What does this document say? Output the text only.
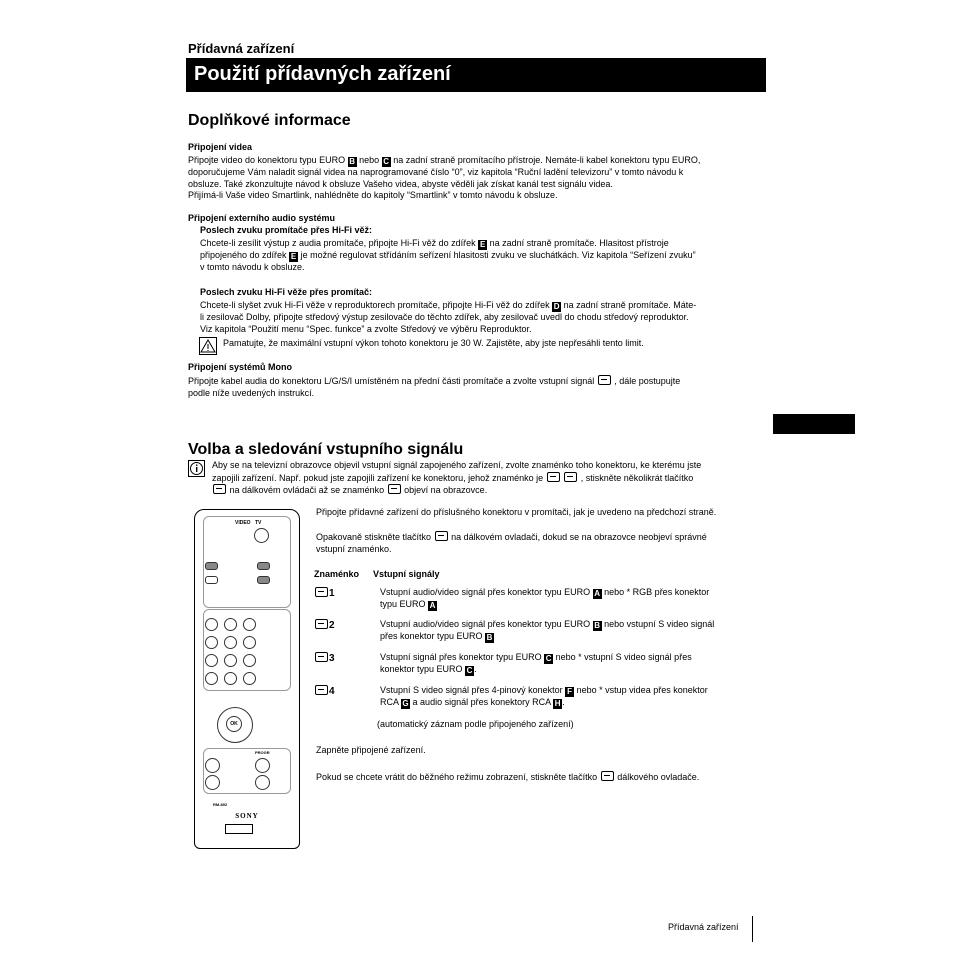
Přídavná zařízení
Použití přídavných zařízení
Doplňkové informace
Připojení videa
Připojte video do konektoru typu EURO B nebo C na zadní straně promítacího přístroje. Nemáte-li kabel konektoru typu EURO,
doporučujeme Vám naladit signál videa na naprogramované číslo “0”, viz kapitola “Ruční ladění televizoru” v tomto návodu k
obsluze. Také zkonzultujte návod k obsluze Vašeho videa, abyste věděli jak získat kanál test signálu videa.
Přijímá-li Vaše video Smartlink, nahlédněte do kapitoly “Smartlink” v tomto návodu k obsluze.
Připojení externího audio systému
Poslech zvuku promítače přes Hi-Fi věž:
Chcete-li zesílit výstup z audia promítače, připojte Hi-Fi věž do zdířek E na zadní straně promítače. Hlasitost přístroje
připojeného do zdířek E je možné regulovat střídáním seřízení hlasitosti zvuku ve sluchátkách. Viz kapitola “Seřízení zvuku”
v tomto návodu k obsluze.
Poslech zvuku Hi-Fi věže přes promítač:
Chcete-li slyšet zvuk Hi-Fi věže v reproduktorech promítače, připojte Hi-Fi věž do zdířek D na zadní straně promítače. Máte-
li zesilovač Dolby, připojte středový výstup zesilovače do těchto zdířek, aby zesilovač uvedl do chodu středový reproduktor.
Viz kapitola “Použití menu “Spec. funkce” a zvolte Středový ve výběru Reproduktor.
Pamatujte, že maximální vstupní výkon tohoto konektoru je 30 W. Zajistěte, aby jste nepřesáhli tento limit.
Připojení systémů Mono
Připojte kabel audia do konektoru L/G/S/I umístěném na přední části promítače a zvolte vstupní signál , dále postupujte
podle níže uvedených instrukcí.
Volba a sledování vstupního signálu
Aby se na televizní obrazovce objevil vstupní signál zapojeného zařízení, zvolte znaménko toho konektoru, ke kterému jste
zapojili zařízení. Např. pokud jste zapojili zařízení ke konektoru, jehož znaménko je	, stiskněte několikrát tlačítko
na dálkovém ovládači až se znaménko objeví na obrazovce.
VIDEO TV
OK
PROGR
RM-892
SONY
Připojte přídavné zařízení do příslušného konektoru v promítači, jak je uvedeno na předchozí straně.
Opakovaně stiskněte tlačítko na dálkovém ovladači, dokud se na obrazovce neobjeví správné
vstupní znaménko.
Znaménko Vstupní signály
1	Vstupní audio/video signál přes konektor typu EURO A nebo * RGB přes konektor
typu EURO A
2	Vstupní audio/video signál přes konektor typu EURO B nebo vstupní S video signál
přes konektor typu EURO B
3	Vstupní signál přes konektor typu EURO C nebo * vstupní S video signál přes
konektor typu EURO C .
4	Vstupní S video signál přes 4-pinový konektor F nebo * vstup videa přes konektor
RCA G a audio signál přes konektory RCA H .
(automatický záznam podle připojeného zařízení)
Zapněte připojené zařízení.
Pokud se chcete vrátit do běžného režimu zobrazení, stiskněte tlačítko dálkového ovladače.
Přídavná zařízení
